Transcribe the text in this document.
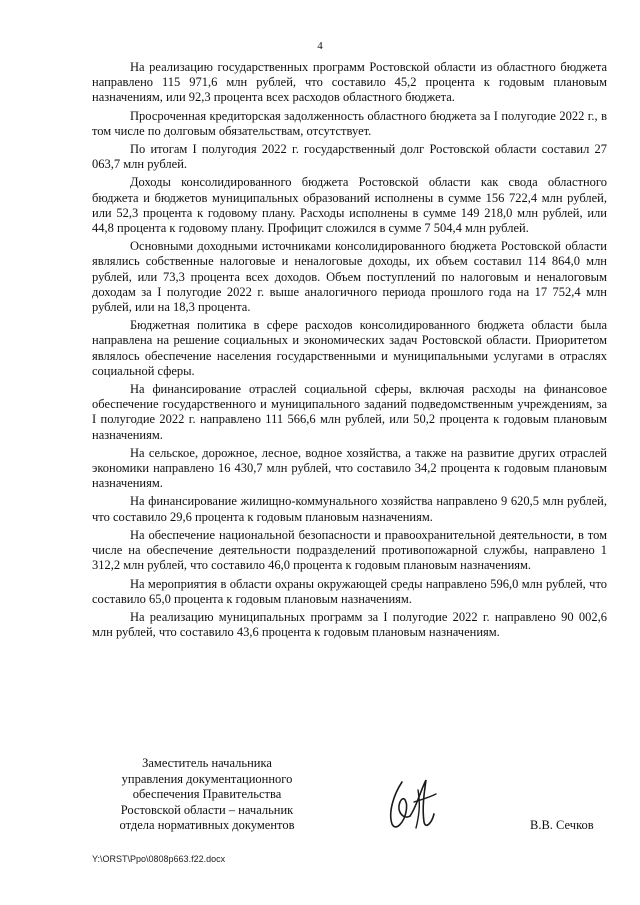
4

На реализацию государственных программ Ростовской области из областного бюджета направлено 115 971,6 млн рублей, что составило 45,2 процента к годовым плановым назначениям, или 92,3 процента всех расходов областного бюджета.

Просроченная кредиторская задолженность областного бюджета за I полугодие 2022 г., в том числе по долговым обязательствам, отсутствует.

По итогам I полугодия 2022 г. государственный долг Ростовской области составил 27 063,7 млн рублей.

Доходы консолидированного бюджета Ростовской области как свода областного бюджета и бюджетов муниципальных образований исполнены в сумме 156 722,4 млн рублей, или 52,3 процента к годовому плану. Расходы исполнены в сумме 149 218,0 млн рублей, или 44,8 процента к годовому плану. Профицит сложился в сумме 7 504,4 млн рублей.

Основными доходными источниками консолидированного бюджета Ростовской области являлись собственные налоговые и неналоговые доходы, их объем составил 114 864,0 млн рублей, или 73,3 процента всех доходов. Объем поступлений по налоговым и неналоговым доходам за I полугодие 2022 г. выше аналогичного периода прошлого года на 17 752,4 млн рублей, или на 18,3 процента.

Бюджетная политика в сфере расходов консолидированного бюджета области была направлена на решение социальных и экономических задач Ростовской области. Приоритетом являлось обеспечение населения государственными и муниципальными услугами в отраслях социальной сферы.

На финансирование отраслей социальной сферы, включая расходы на финансовое обеспечение государственного и муниципального заданий подведомственным учреждениям, за I полугодие 2022 г. направлено 111 566,6 млн рублей, или 50,2 процента к годовым плановым назначениям.

На сельское, дорожное, лесное, водное хозяйства, а также на развитие других отраслей экономики направлено 16 430,7 млн рублей, что составило 34,2 процента к годовым плановым назначениям.

На финансирование жилищно-коммунального хозяйства направлено 9 620,5 млн рублей, что составило 29,6 процента к годовым плановым назначениям.

На обеспечение национальной безопасности и правоохранительной деятельности, в том числе на обеспечение деятельности подразделений противопожарной службы, направлено 1 312,2 млн рублей, что составило 46,0 процента к годовым плановым назначениям.

На мероприятия в области охраны окружающей среды направлено 596,0 млн рублей, что составило 65,0 процента к годовым плановым назначениям.

На реализацию муниципальных программ за I полугодие 2022 г. направлено 90 002,6 млн рублей, что составило 43,6 процента к годовым плановым назначениям.

Заместитель начальника
управления документационного
обеспечения Правительства
Ростовской области – начальник
отдела нормативных документов	В.В. Сечков
Y:\ORST\Ppo\0808p663.f22.docx
